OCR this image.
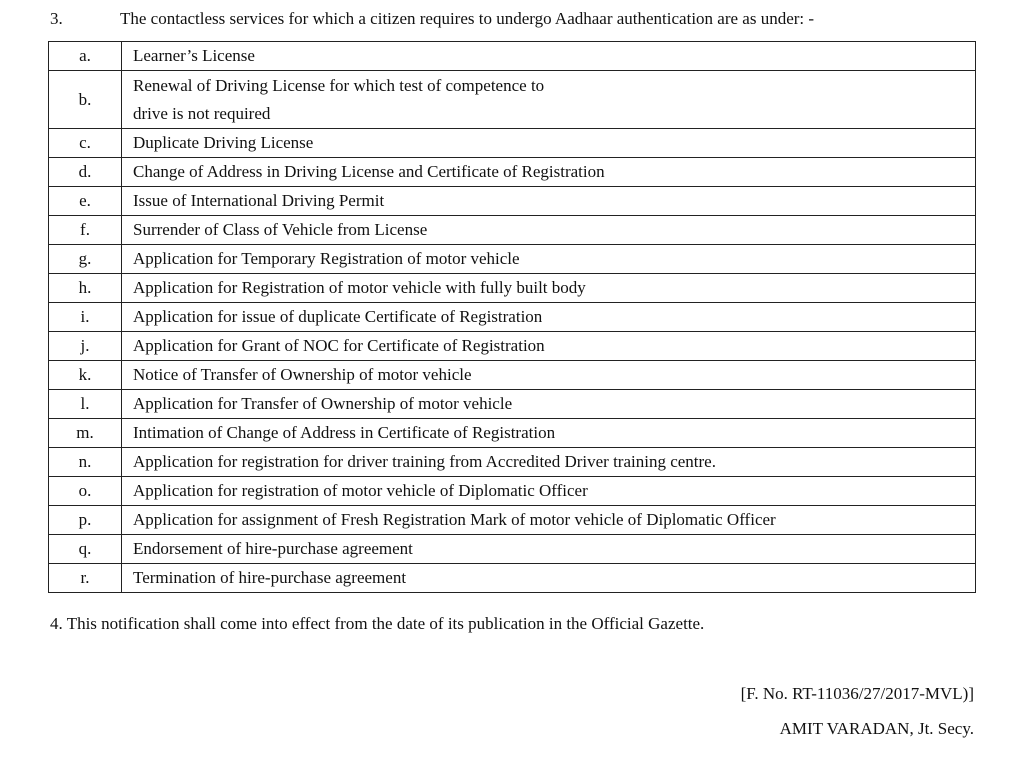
3.	The contactless services for which a citizen requires to undergo Aadhaar authentication are as under: -
a.	Learner’s License
b.	Renewal of Driving License for which test of competence to
drive is not required

c.	Duplicate Driving License
d.	Change of Address in Driving License and Certificate of Registration
e.	Issue of International Driving Permit
f.	Surrender of Class of Vehicle from License
g.	Application for Temporary Registration of motor vehicle
h.	Application for Registration of motor vehicle with fully built body
i.	Application for issue of duplicate Certificate of Registration
j.	Application for Grant of NOC for Certificate of Registration
k.	Notice of Transfer of Ownership of motor vehicle
l.	Application for Transfer of Ownership of motor vehicle
m.	Intimation of Change of Address in Certificate of Registration
n.	Application for registration for driver training from Accredited Driver training centre.
o.	Application for registration of motor vehicle of Diplomatic Officer
p.	Application for assignment of Fresh Registration Mark of motor vehicle of Diplomatic Officer
q.	Endorsement of hire-purchase agreement
r.	Termination of hire-purchase agreement
4. This notification shall come into effect from the date of its publication in the Official Gazette.
[F. No. RT-11036/27/2017-MVL)]
AMIT VARADAN, Jt. Secy.
